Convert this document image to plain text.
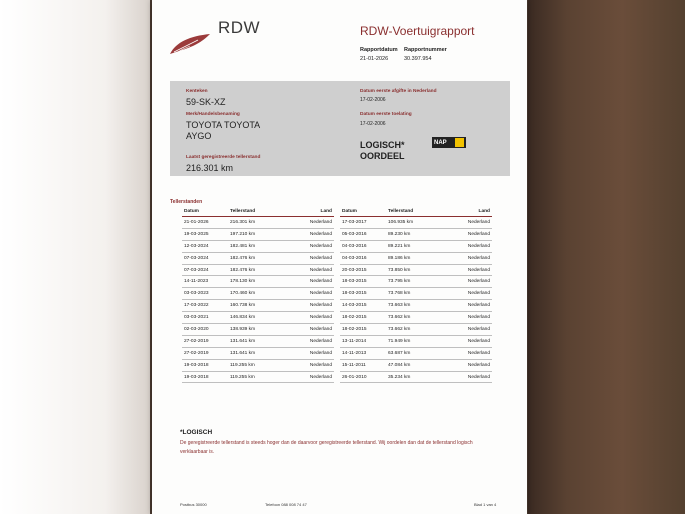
RDW	RDW-Voertuigrapport
Rapportdatum
21-01-2026
Rapportnummer
30.397.954
Kenteken
59-SK-XZ
Merk/Handelsbenaming
TOYOTA TOYOTA
AYGO
Laatst geregistreerde tellerstand
216.301 km
Datum eerste afgifte in Nederland
17-02-2006
Datum eerste toelating
17-02-2006
LOGISCH*
OORDEEL
NAP
Tellerstanden
Datum	Tellerstand	Land
21-01-2026	216.301 km	Nederland
19-03-2025	197.210 km	Nederland
12-03-2024	182.481 km	Nederland
07-03-2024	182.476 km	Nederland
07-03-2024	182.476 km	Nederland
14-11-2023	178.130 km	Nederland
03-03-2023	170.460 km	Nederland
17-03-2022	160.738 km	Nederland
03-03-2021	146.834 km	Nederland
02-03-2020	138.939 km	Nederland
27-02-2019	131.641 km	Nederland
27-02-2019	131.641 km	Nederland
19-03-2018	119.255 km	Nederland
19-03-2018	119.255 km	Nederland
Datum	Tellerstand	Land
17-03-2017	106.935 km	Nederland
05-03-2016	89.230 km	Nederland
04-03-2016	89.221 km	Nederland
04-03-2016	89.186 km	Nederland
20-03-2015	73.850 km	Nederland
18-03-2015	73.795 km	Nederland
18-03-2015	73.768 km	Nederland
14-03-2015	73.663 km	Nederland
18-02-2015	73.662 km	Nederland
18-02-2015	73.662 km	Nederland
13-11-2014	71.949 km	Nederland
14-11-2013	63.687 km	Nederland
15-11-2011	47.084 km	Nederland
26-01-2010	35.234 km	Nederland
*LOGISCH
De geregistreerde tellerstand is steeds hoger dan de daarvoor geregistreerde tellerstand. Wij oordelen dan dat de tellerstand logisch verklaarbaar is.
Postbus 30000	Telefoon 088 008 74 47	Blad 1 van 4
